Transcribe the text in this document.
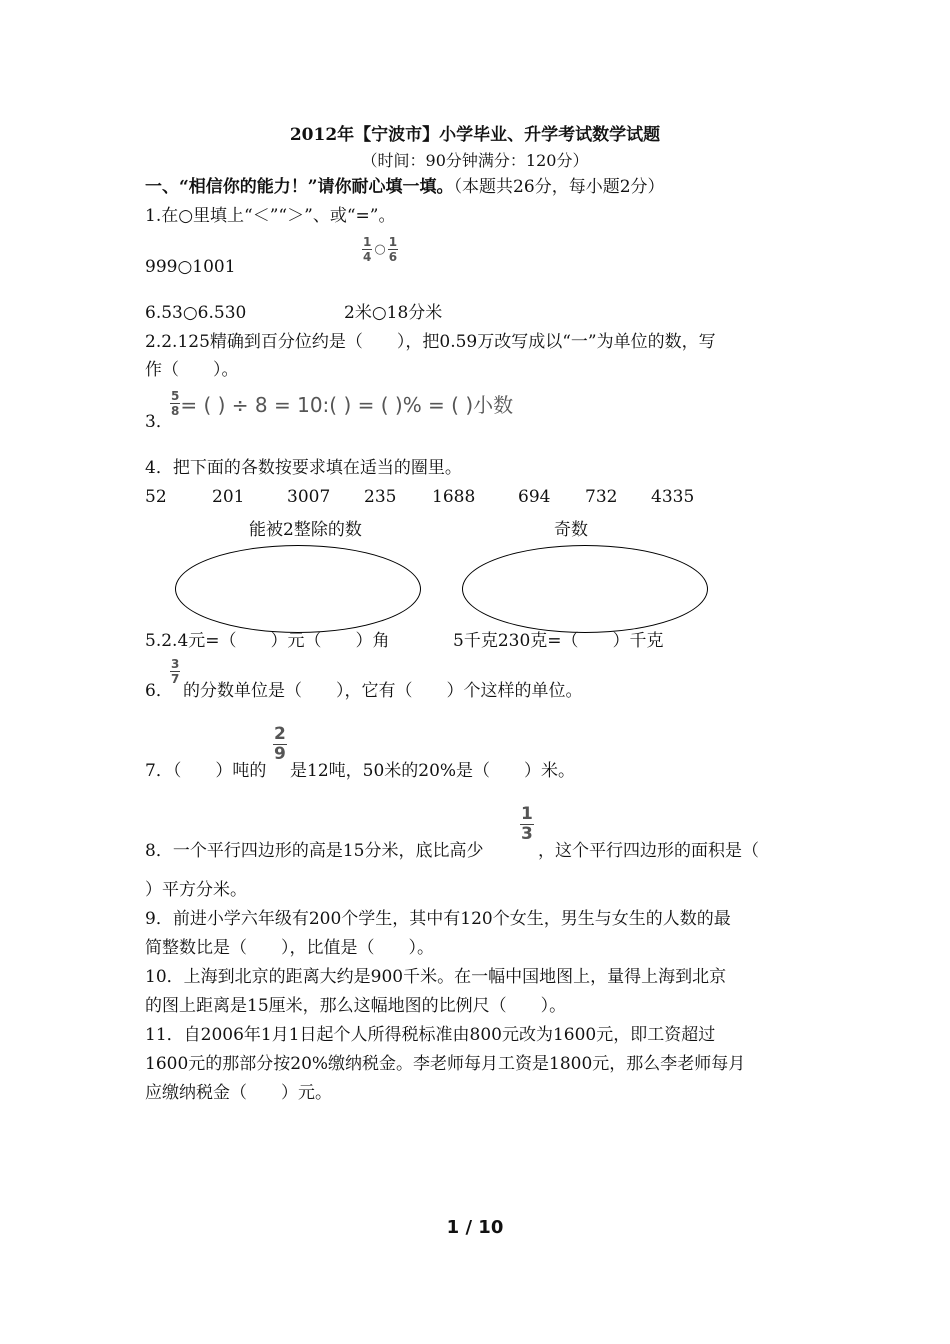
2012年【宁波市】小学毕业、升学考试数学试题
（时间：90分钟满分：120分）
一、“相信你的能力！”请你耐心填一填。（本题共26分，每小题2分）
1.在○里填上“＜”“＞”、或“=”。
999○1001
$\frac{1}{4}$ ○ $\frac{1}{6}$
6.53○6.530	2米○18分米
2.2.125精确到百分位约是（　　），把0.59万改写成以“一”为单位的数，写
作（　　）。
3．
$\frac{5}{8}$ = ( ) ÷ 8 = 10:( ) = ( )% = ( )小数
4．把下面的各数按要求填在适当的圈里。
52	201	3007 235 1688	694 732 4335
能被2整除的数	奇数
5.2.4元=（　　）元（　　）角	5千克230克=（　　）千克
$\frac{3}{7}$
6． 的分数单位是（　　），它有（　　）个这样的单位。
7．（　　）吨的
$\frac{2}{9}$
是12吨，50米的20%是（　　）米。
8．一个平行四边形的高是15分米，底比高少
$\frac{1}{3}$
，这个平行四边形的面积是（
）平方分米。
9．前进小学六年级有200个学生，其中有120个女生，男生与女生的人数的最
简整数比是（　　），比值是（　　）。
10．上海到北京的距离大约是900千米。在一幅中国地图上，量得上海到北京
的图上距离是15厘米，那么这幅地图的比例尺（　　）。
11．自2006年1月1日起个人所得税标准由800元改为1600元，即工资超过
1600元的那部分按20%缴纳税金。李老师每月工资是1800元，那么李老师每月
应缴纳税金（　　）元。
1 / 10
